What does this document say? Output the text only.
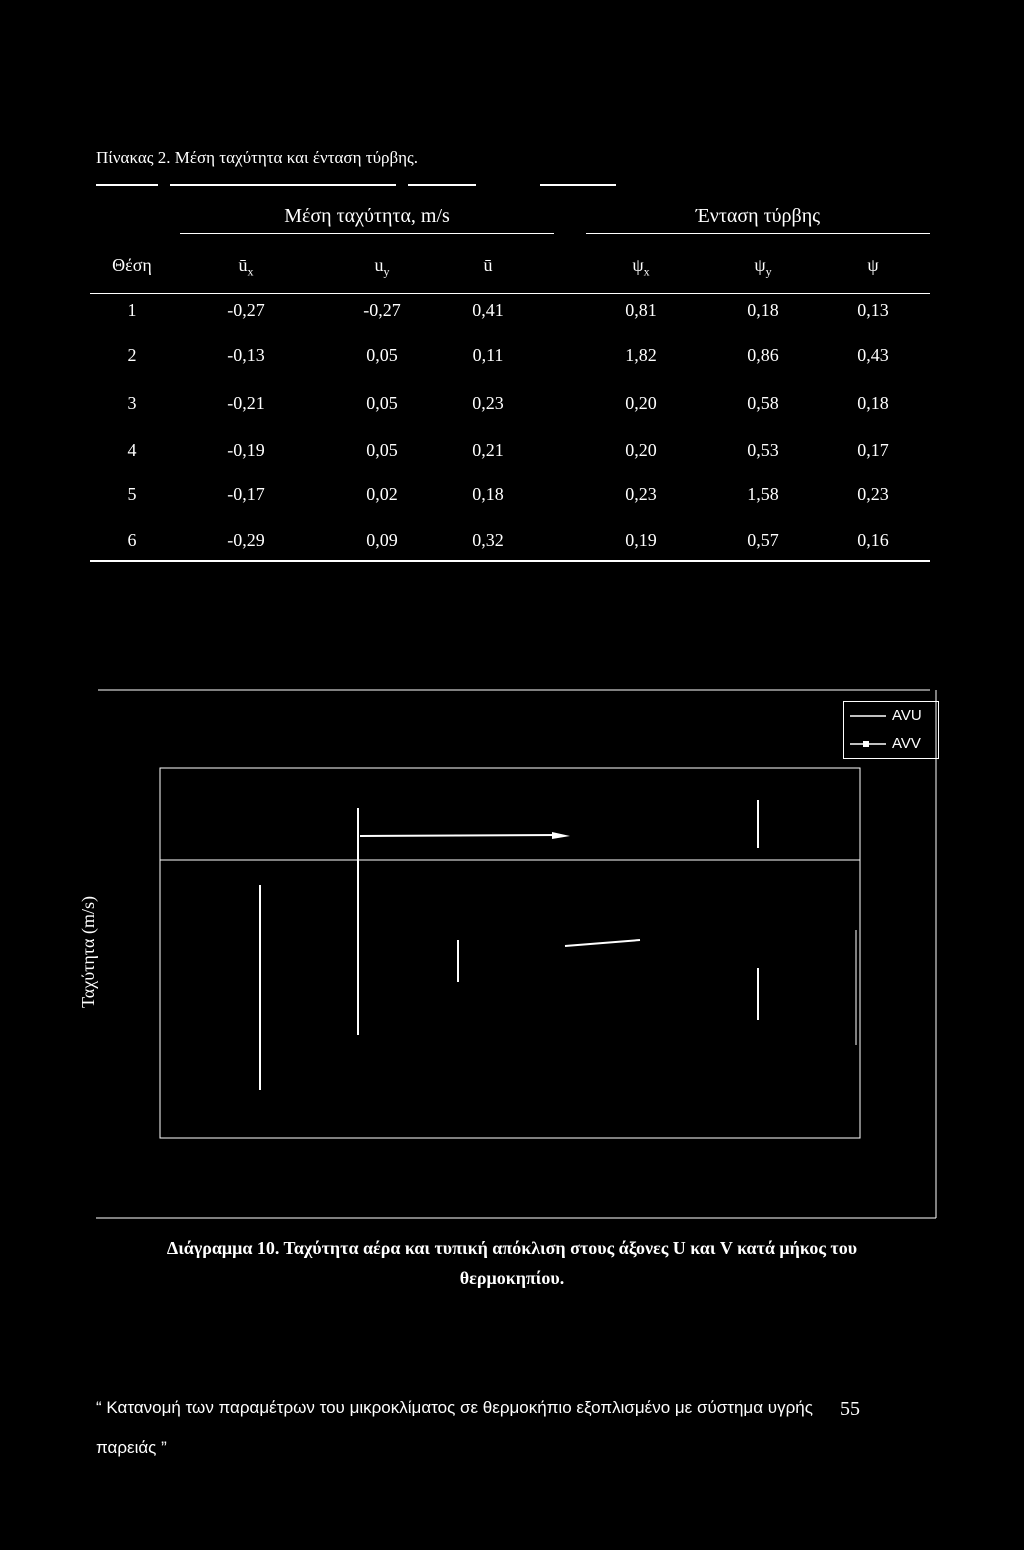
Πίνακας 2. Μέση ταχύτητα και ένταση τύρβης.
Μέση ταχύτητα, m/s	Ένταση τύρβης
Θέση	$ū_x$	$u_y$	ū	$\psi_x$	$\psi_y$	ψ
1	-0,27	-0,27	0,41	0,81	0,18	0,13
2	-0,13	0,05	0,11	1,82	0,86	0,43
3	-0,21	0,05	0,23	0,20	0,58	0,18
4	-0,19	0,05	0,21	0,20	0,53	0,17
5	-0,17	0,02	0,18	0,23	1,58	0,23
6	-0,29	0,09	0,32	0,19	0,57	0,16
Ταχύτητα (m/s)
AVU
AVV
Διάγραμμα 10. Ταχύτητα αέρα και τυπική απόκλιση στους άξονες U και V κατά μήκος του
θερμοκηπίου.
“ Κατανομή των παραμέτρων του μικροκλίματος σε θερμοκήπιο εξοπλισμένο με σύστημα υγρής
παρειάς ”
55
